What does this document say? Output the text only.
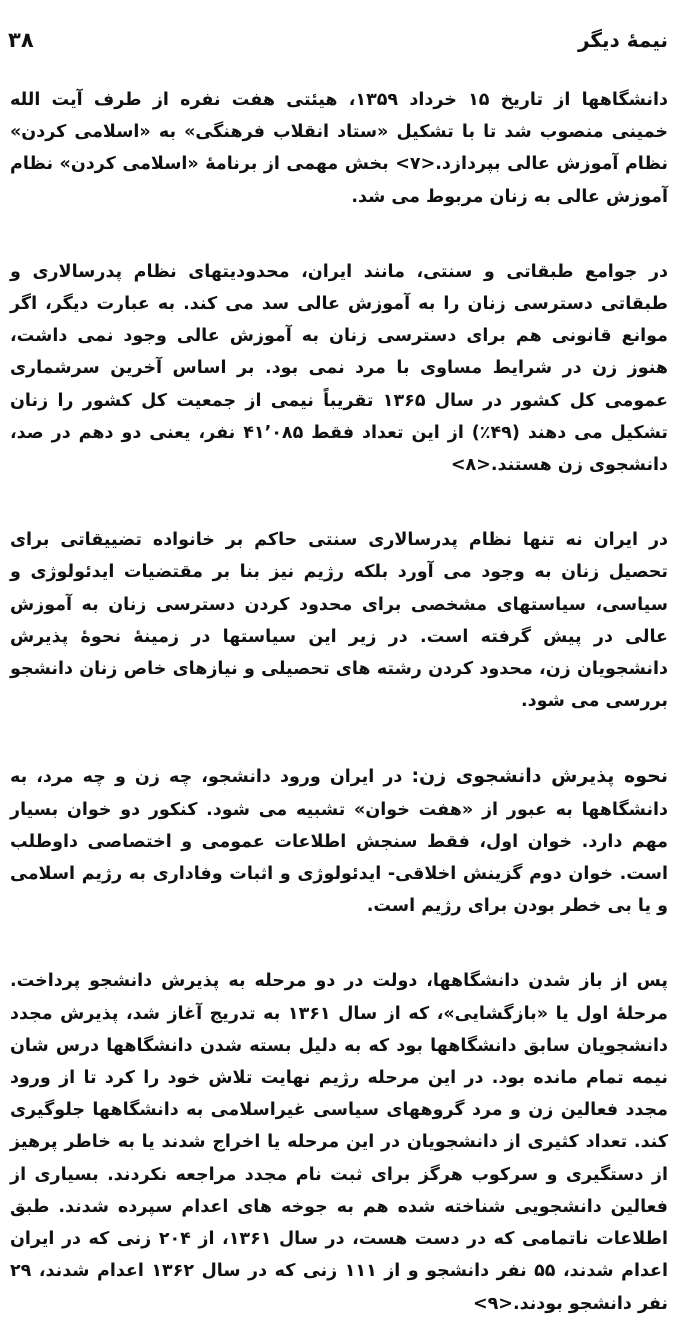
نیمهٔ دیگر
۳۸

دانشگاهها از تاریخ ۱۵ خرداد ۱۳۵۹، هیئتی هفت نفره از طرف آیت الله خمینی منصوب شد تا با تشکیل «ستاد انقلاب فرهنگی» به «اسلامی کردن» نظام آموزش عالی بپردازد.<۷> بخش مهمی از برنامهٔ «اسلامی کردن» نظام آموزش عالی به زنان مربوط می شد.

در جوامع طبقاتی و سنتی، مانند ایران، محدودیتهای نظام پدرسالاری و طبقاتی دسترسی زنان را به آموزش عالی سد می کند. به عبارت دیگر، اگر موانع قانونی هم برای دسترسی زنان به آموزش عالی وجود نمی داشت، هنوز زن در شرایط مساوی با مرد نمی بود. بر اساس آخرین سرشماری عمومی کل کشور در سال ۱۳۶۵ تقریباً نیمی از جمعیت کل کشور را زنان تشکیل می دهند (۴۹٪) از این تعداد فقط ۴۱٬۰۸۵ نفر، یعنی دو دهم در صد، دانشجوی زن هستند.<۸>

در ایران نه تنها نظام پدرسالاری سنتی حاکم بر خانواده تضییقاتی برای تحصیل زنان به وجود می آورد بلکه رژیم نیز بنا بر مقتضیات ایدئولوژی و سیاسی، سیاستهای مشخصی برای محدود کردن دسترسی زنان به آموزش عالی در پیش گرفته است. در زیر این سیاستها در زمینهٔ نحوهٔ پذیرش دانشجویان زن، محدود کردن رشته های تحصیلی و نیازهای خاص زنان دانشجو بررسی می شود.

نحوه پذیرش دانشجوی زن: در ایران ورود دانشجو، چه زن و چه مرد، به دانشگاهها به عبور از «هفت خوان» تشبیه می شود. کنکور دو خوان بسیار مهم دارد. خوان اول، فقط سنجش اطلاعات عمومی و اختصاصی داوطلب است. خوان دوم گزینش اخلاقی- ایدئولوژی و اثبات وفاداری به رژیم اسلامی و یا بی خطر بودن برای رژیم است.

پس از باز شدن دانشگاهها، دولت در دو مرحله به پذیرش دانشجو پرداخت. مرحلهٔ اول یا «بازگشایی»، که از سال ۱۳۶۱ به تدریج آغاز شد، پذیرش مجدد دانشجویان سابق دانشگاهها بود که به دلیل بسته شدن دانشگاهها درس شان نیمه تمام مانده بود. در این مرحله رژیم نهایت تلاش خود را کرد تا از ورود مجدد فعالین زن و مرد گروههای سیاسی غیراسلامی به دانشگاهها جلوگیری کند. تعداد کثیری از دانشجویان در این مرحله یا اخراج شدند یا به خاطر پرهیز از دستگیری و سرکوب هرگز برای ثبت نام مجدد مراجعه نکردند. بسیاری از فعالین دانشجویی شناخته شده هم به جوخه های اعدام سپرده شدند. طبق اطلاعات ناتمامی که در دست هست، در سال ۱۳۶۱، از ۲۰۴ زنی که در ایران اعدام شدند، ۵۵ نفر دانشجو و از ۱۱۱ زنی که در سال ۱۳۶۲ اعدام شدند، ۲۹ نفر دانشجو بودند.<۹>
